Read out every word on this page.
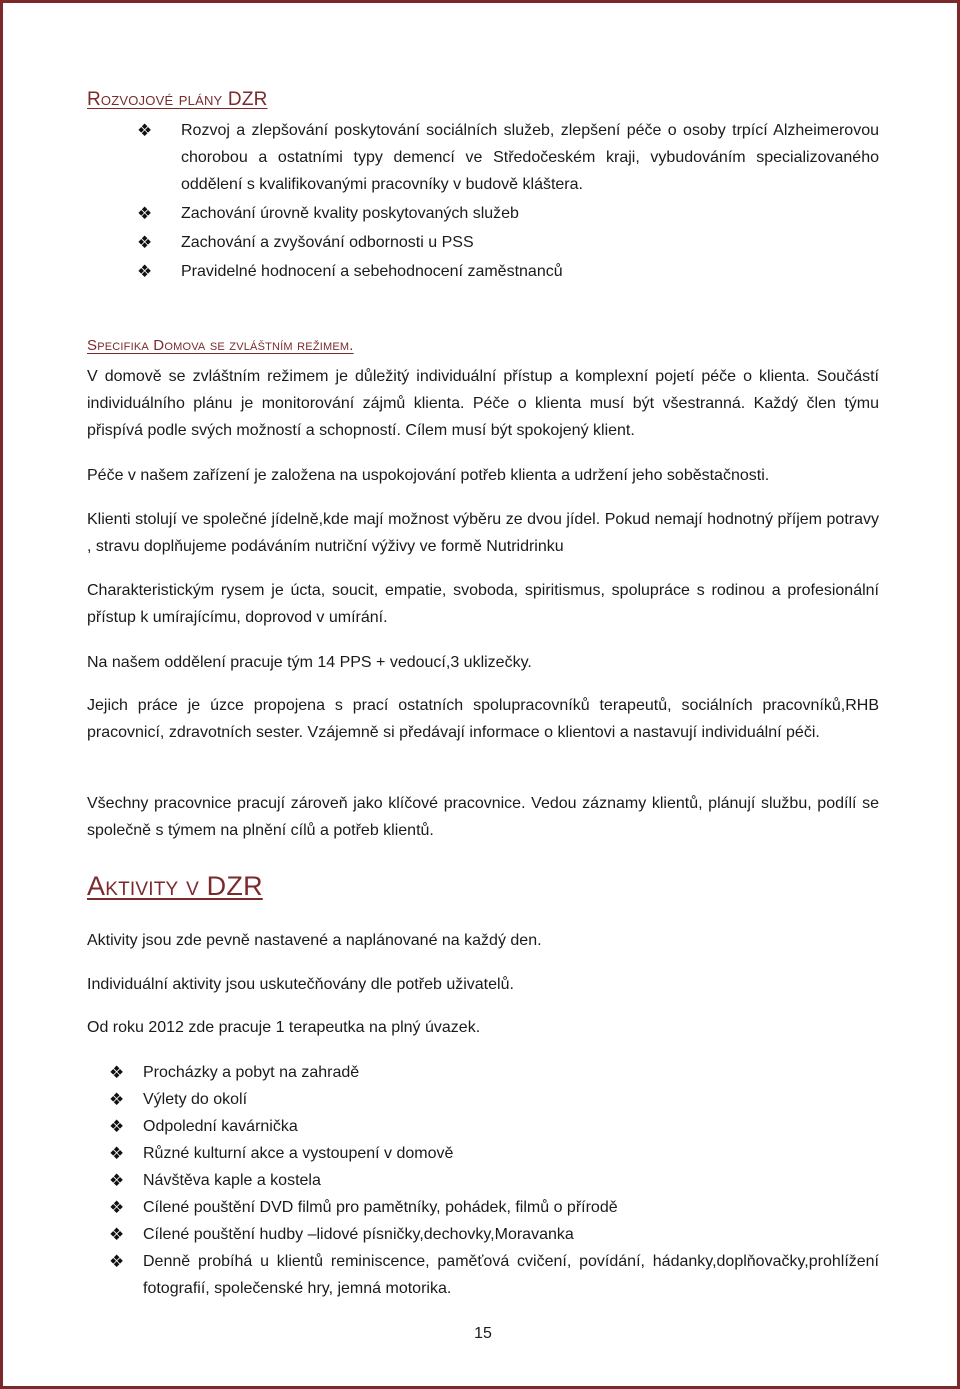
Rozvojové plány DZR
❖ Rozvoj a zlepšování poskytování sociálních služeb, zlepšení péče o osoby trpící Alzheimerovou chorobou a ostatními typy demencí ve Středočeském kraji, vybudováním specializovaného oddělení s kvalifikovanými pracovníky v budově kláštera.
❖ Zachování úrovně kvality poskytovaných služeb
❖ Zachování a zvyšování odbornosti u PSS
❖ Pravidelné hodnocení a sebehodnocení zaměstnanců
Specifika Domova se zvláštním režimem.

V domově se zvláštním režimem je důležitý individuální přístup a komplexní pojetí péče o klienta. Součástí individuálního plánu je monitorování zájmů klienta. Péče o klienta musí být všestranná. Každý člen týmu přispívá podle svých možností a schopností. Cílem musí být spokojený klient.

Péče v našem zařízení je založena na uspokojování potřeb klienta a udržení jeho soběstačnosti.

Klienti stolují ve společné jídelně,kde mají možnost výběru ze dvou jídel. Pokud nemají hodnotný příjem potravy , stravu doplňujeme podáváním nutriční výživy ve formě Nutridrinku

Charakteristickým rysem je úcta, soucit, empatie, svoboda, spiritismus, spolupráce s rodinou a profesionální přístup k umírajícímu, doprovod v umírání.

Na našem oddělení pracuje tým 14 PPS + vedoucí,3 uklizečky.

Jejich práce je úzce propojena s prací ostatních spolupracovníků terapeutů, sociálních pracovníků,RHB pracovnicí, zdravotních sester. Vzájemně si předávají informace o klientovi a nastavují individuální péči.

Všechny pracovnice pracují zároveň jako klíčové pracovnice. Vedou záznamy klientů, plánují službu, podílí se společně s týmem na plnění cílů a potřeb klientů.

Aktivity v DZR

Aktivity jsou zde pevně nastavené a naplánované na každý den.

Individuální aktivity jsou uskutečňovány dle potřeb uživatelů.

Od roku 2012 zde pracuje 1 terapeutka na plný úvazek.

❖ Procházky a pobyt na zahradě
❖ Výlety do okolí
❖ Odpolední kavárnička
❖ Různé kulturní akce a vystoupení v domově
❖ Návštěva kaple a kostela
❖ Cílené pouštění DVD filmů pro pamětníky, pohádek, filmů o přírodě
❖ Cílené pouštění hudby –lidové písničky,dechovky,Moravanka
❖ Denně probíhá u klientů reminiscence, paměťová cvičení, povídání, hádanky,doplňovačky,prohlížení fotografií, společenské hry, jemná motorika.

15
